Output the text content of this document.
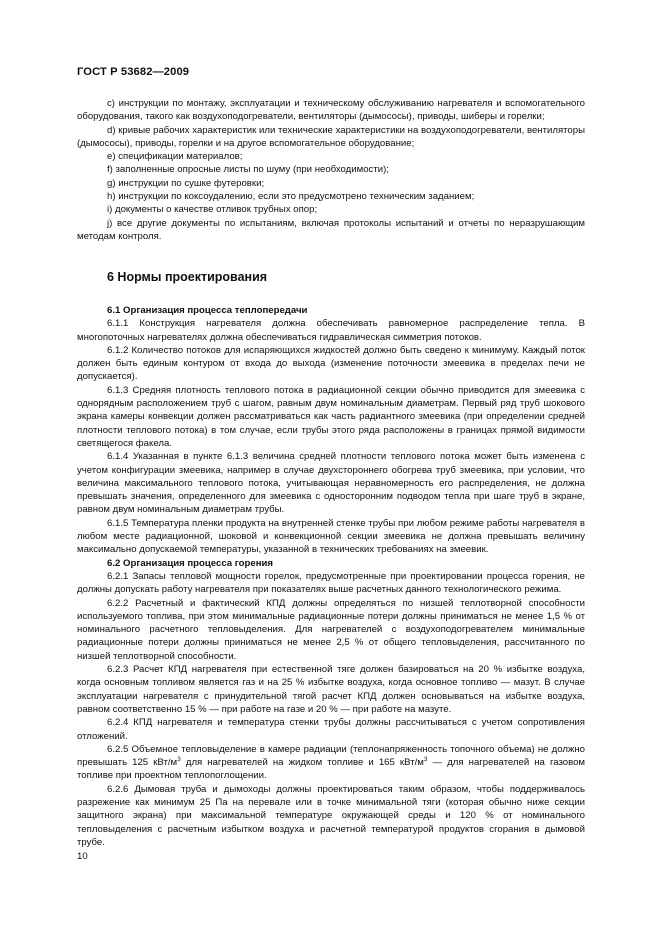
ГОСТ Р 53682—2009

c) инструкции по монтажу, эксплуатации и техническому обслуживанию нагревателя и вспомогательного оборудования, такого как воздухоподогреватели, вентиляторы (дымососы), приводы, шиберы и горелки;

d) кривые рабочих характеристик или технические характеристики на воздухоподогреватели, вентиляторы (дымососы), приводы, горелки и на другое вспомогательное оборудование;

e) спецификации материалов;

f) заполненные опросные листы по шуму (при необходимости);

g) инструкции по сушке футеровки;

h) инструкции по коксоудалению, если это предусмотрено техническим заданием;

i) документы о качестве отливок трубных опор;

j) все другие документы по испытаниям, включая протоколы испытаний и отчеты по неразрушающим методам контроля.

6 Нормы проектирования

6.1 Организация процесса теплопередачи

6.1.1 Конструкция нагревателя должна обеспечивать равномерное распределение тепла. В многопоточных нагревателях должна обеспечиваться гидравлическая симметрия потоков.

6.1.2 Количество потоков для испаряющихся жидкостей должно быть сведено к минимуму. Каждый поток должен быть единым контуром от входа до выхода (изменение поточности змеевика в пределах печи не допускается).

6.1.3 Средняя плотность теплового потока в радиационной секции обычно приводится для змеевика с однорядным расположением труб с шагом, равным двум номинальным диаметрам. Первый ряд труб шокового экрана камеры конвекции должен рассматриваться как часть радиантного змеевика (при определении средней плотности теплового потока) в том случае, если трубы этого ряда расположены в границах прямой видимости светящегося факела.

6.1.4 Указанная в пункте 6.1.3 величина средней плотности теплового потока может быть изменена с учетом конфигурации змеевика, например в случае двухстороннего обогрева труб змеевика, при условии, что величина максимального теплового потока, учитывающая неравномерность его распределения, не должна превышать значения, определенного для змеевика с односторонним подводом тепла при шаге труб в экране, равном двум номинальным диаметрам трубы.

6.1.5 Температура пленки продукта на внутренней стенке трубы при любом режиме работы нагревателя в любом месте радиационной, шоковой и конвекционной секции змеевика не должна превышать величину максимально допускаемой температуры, указанной в технических требованиях на змеевик.

6.2 Организация процесса горения

6.2.1 Запасы тепловой мощности горелок, предусмотренные при проектировании процесса горения, не должны допускать работу нагревателя при показателях выше расчетных данного технологического режима.

6.2.2 Расчетный и фактический КПД должны определяться по низшей теплотворной способности используемого топлива, при этом минимальные радиационные потери должны приниматься не менее 1,5 % от номинального расчетного тепловыделения. Для нагревателей с воздухоподогревателем минимальные радиационные потери должны приниматься не менее 2,5 % от общего тепловыделения, рассчитанного по низшей теплотворной способности.

6.2.3 Расчет КПД нагревателя при естественной тяге должен базироваться на 20 % избытке воздуха, когда основным топливом является газ и на 25 % избытке воздуха, когда основное топливо — мазут. В случае эксплуатации нагревателя с принудительной тягой расчет КПД должен основываться на избытке воздуха, равном соответственно 15 % — при работе на газе и 20 % — при работе на мазуте.

6.2.4 КПД нагревателя и температура стенки трубы должны рассчитываться с учетом сопротивления отложений.

6.2.5 Объемное тепловыделение в камере радиации (теплонапряженность топочного объема) не должно превышать 125 кВт/$м^3$ для нагревателей на жидком топливе и 165 кВт/$м^3$ — для нагревателей на газовом топливе при проектном теплопоглощении.

6.2.6 Дымовая труба и дымоходы должны проектироваться таким образом, чтобы поддерживалось разрежение как минимум 25 Па на перевале или в точке минимальной тяги (которая обычно ниже секции защитного экрана) при максимальной температуре окружающей среды и 120 % от номинального тепловыделения с расчетным избытком воздуха и расчетной температурой продуктов сгорания в дымовой трубе.

10
